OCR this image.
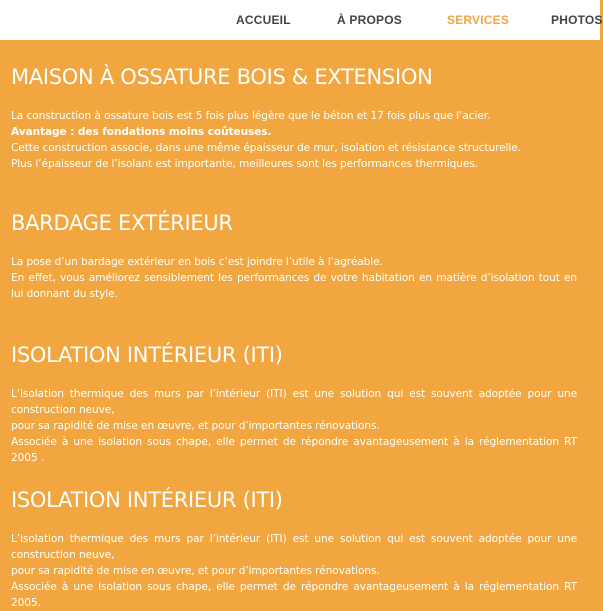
ACCUEIL	À PROPOS	SERVICES	PHOTOS
MAISON À OSSATURE BOIS & EXTENSION

La construction à ossature bois est 5 fois plus légère que le béton et 17 fois plus que l’acier.

Avantage : des fondations moins coûteuses.

Cette construction associe, dans une même épaisseur de mur, isolation et résistance structurelle.

Plus l’épaisseur de l’isolant est importante, meilleures sont les performances thermiques.

BARDAGE EXTÉRIEUR

La pose d’un bardage extérieur en bois c’est joindre l’utile à l’agréable.

En effet, vous améliorez sensiblement les performances de votre habitation en matière d’isolation tout en lui donnant du style.

ISOLATION INTÉRIEUR (ITI)

L’isolation thermique des murs par l’intérieur (ITI) est une solution qui est souvent adoptée pour une construction neuve,

pour sa rapidité de mise en œuvre, et pour d’importantes rénovations.

Associée à une isolation sous chape, elle permet de répondre avantageusement à la réglementation RT 2005 .

ISOLATION INTÉRIEUR (ITI)

L’isolation thermique des murs par l’intérieur (ITI) est une solution qui est souvent adoptée pour une construction neuve,

pour sa rapidité de mise en œuvre, et pour d’importantes rénovations.

Associée à une isolation sous chape, elle permet de répondre avantageusement à la réglementation RT 2005.
